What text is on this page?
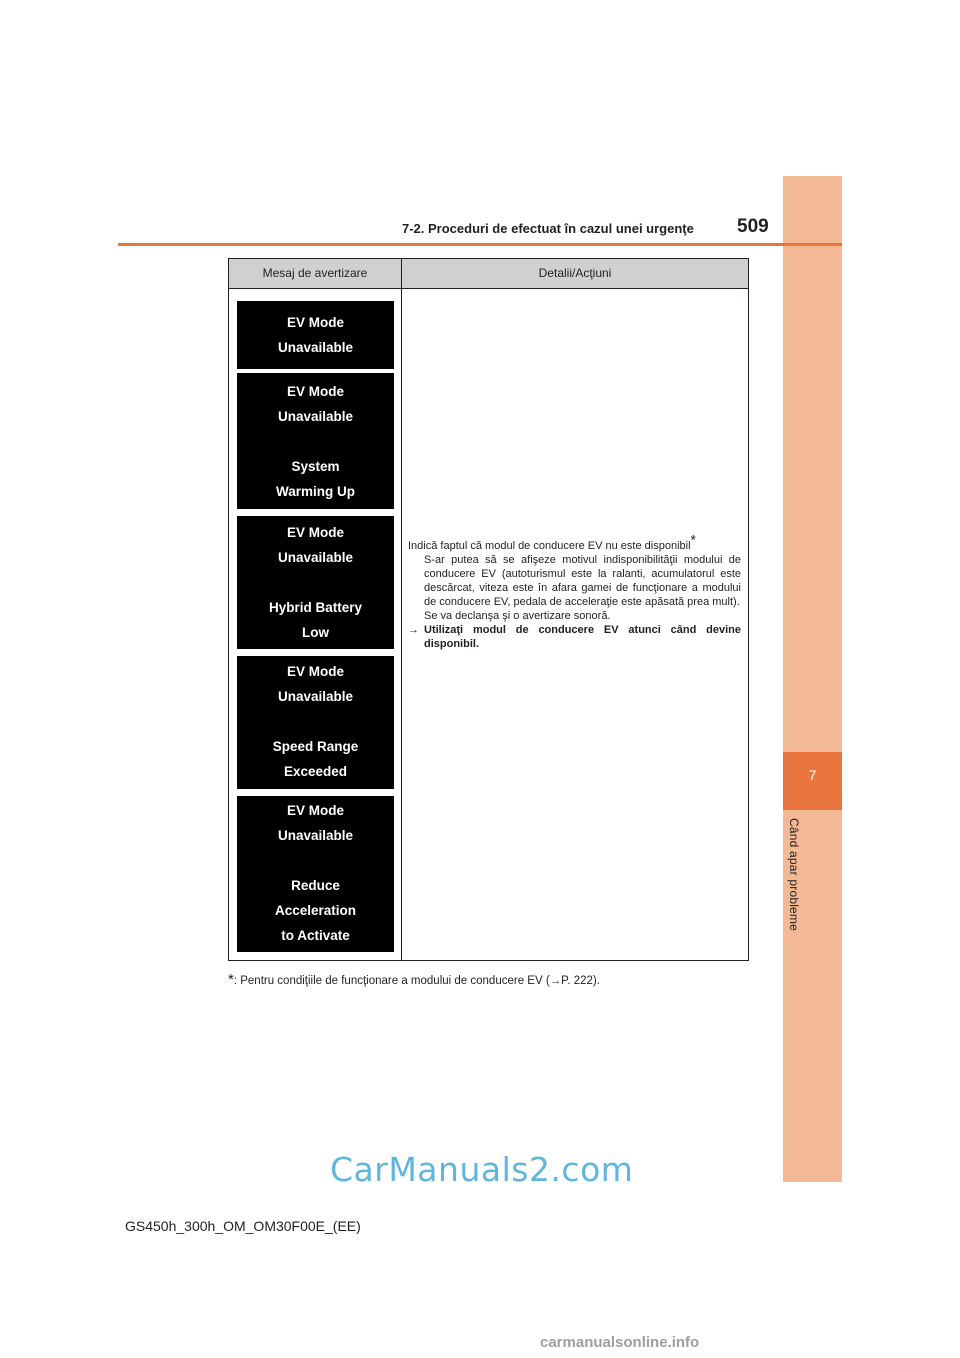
7
Când apar probleme
7-2. Proceduri de efectuat în cazul unei urgenţe 509
Mesaj de avertizare	Detalii/Acţiuni
EV Mode
Unavailable
EV Mode
Unavailable
System
Warming Up
EV Mode
Unavailable
Hybrid Battery
Low
EV Mode
Unavailable
Speed Range
Exceeded
EV Mode
Unavailable
Reduce
Acceleration
to Activate

Indică faptul că modul de conducere EV nu este disponibil*

S-ar putea să se afişeze motivul indisponibilităţii modului de conducere EV (autoturismul este la ralanti, acumulatorul este descărcat, viteza este în afara gamei de funcţionare a modului de conducere EV, pedala de acceleraţie este apăsată prea mult).

Se va declanşa şi o avertizare sonoră.

→ Utilizaţi modul de conducere EV atunci când devine disponibil.
*: Pentru condiţiile de funcţionare a modului de conducere EV (→P. 222).
CarManuals2.com
GS450h_300h_OM_OM30F00E_(EE)
carmanualsonline.info
